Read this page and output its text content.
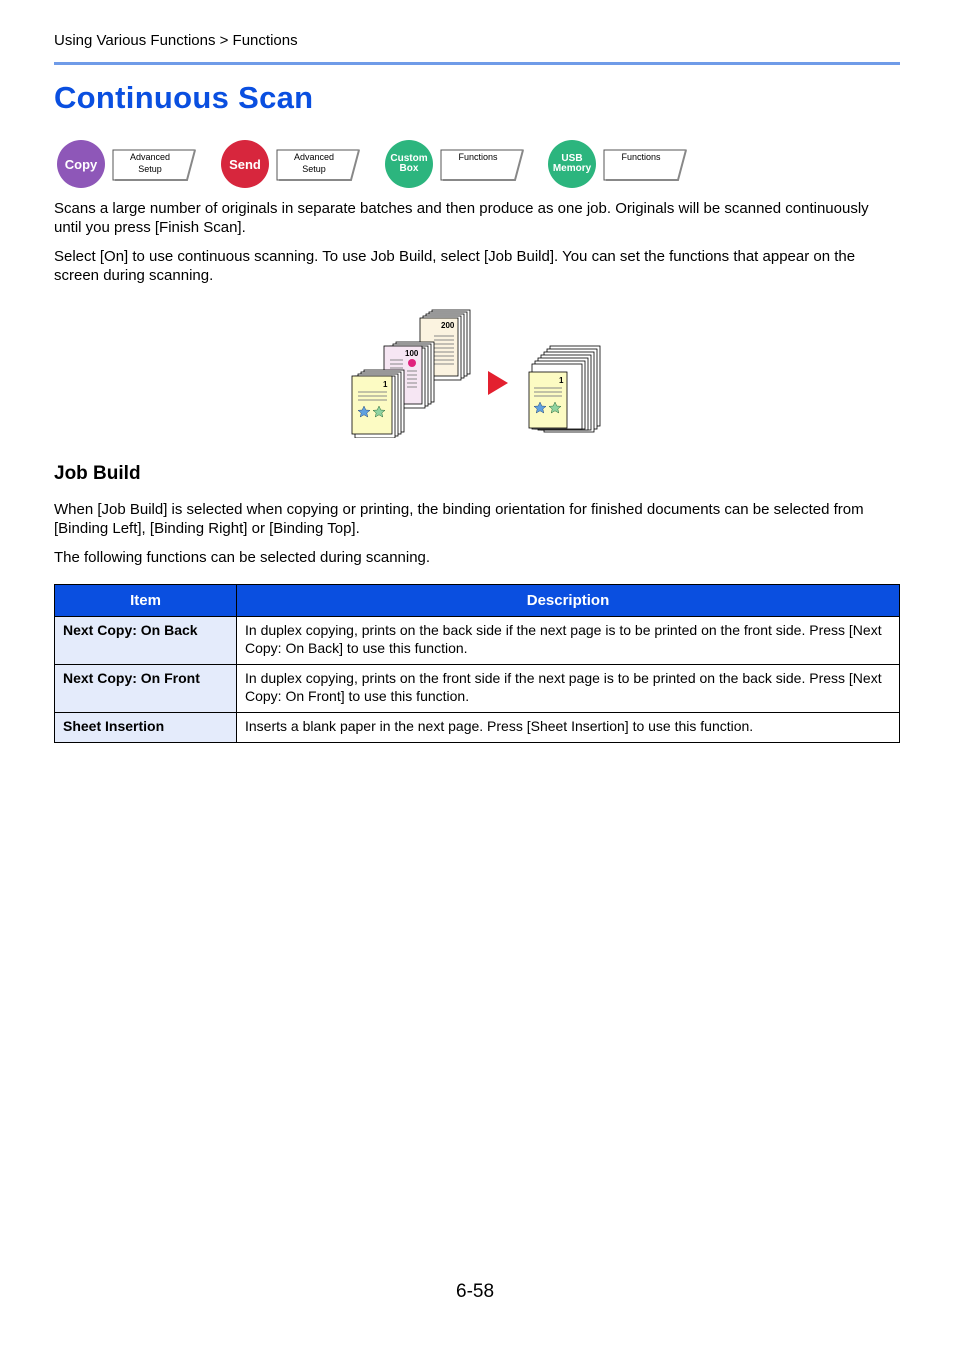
Using Various Functions > Functions
Continuous Scan
Copy	Advanced
Setup	Send	Advanced
Setup
Custom
Box
Functions	USB
Memory
Functions

Scans a large number of originals in separate batches and then produce as one job. Originals will be scanned continuously until you press [Finish Scan].

Select [On] to use continuous scanning. To use Job Build, select [Job Build]. You can set the functions that appear on the screen during scanning.

200
100
1	1
Job Build

When [Job Build] is selected when copying or printing, the binding orientation for finished documents can be selected from [Binding Left], [Binding Right] or [Binding Top].

The following functions can be selected during scanning.

Item	Description
Next Copy: On Back	In duplex copying, prints on the back side if the next page is to be printed on the front side. Press [Next Copy: On Back] to use this function.
Next Copy: On Front	In duplex copying, prints on the front side if the next page is to be printed on the back side. Press [Next Copy: On Front] to use this function.
Sheet Insertion	Inserts a blank paper in the next page. Press [Sheet Insertion] to use this function.
6-58
